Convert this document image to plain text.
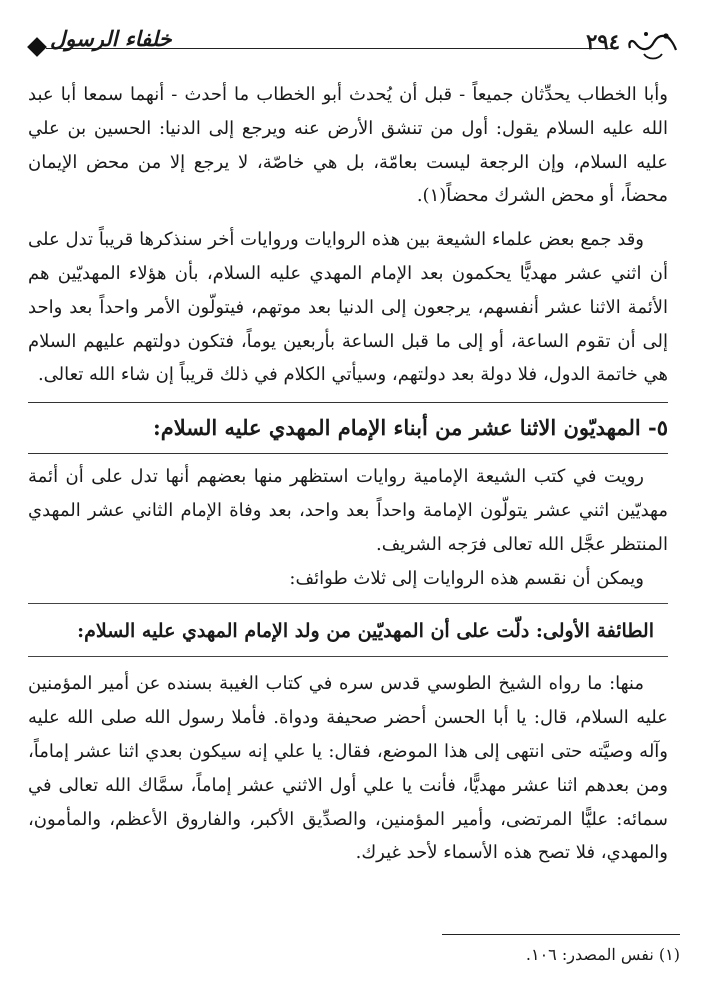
خلفاء الرسول	٢٩٤

وأبا الخطاب يحدِّثان جميعاً - قبل أن يُحدث أبو الخطاب ما أحدث - أنهما سمعا أبا عبد الله عليه السلام يقول: أول من تنشق الأرض عنه ويرجع إلى الدنيا: الحسين بن علي عليه السلام، وإن الرجعة ليست بعامّة، بل هي خاصّة، لا يرجع إلا من محض الإيمان محضاً، أو محض الشرك محضاً(١).

وقد جمع بعض علماء الشيعة بين هذه الروايات وروايات أخر سنذكرها قريباً تدل على أن اثني عشر مهديًّا يحكمون بعد الإمام المهدي عليه السلام، بأن هؤلاء المهديّين هم الأئمة الاثنا عشر أنفسهم، يرجعون إلى الدنيا بعد موتهم، فيتولّون الأمر واحداً بعد واحد إلى أن تقوم الساعة، أو إلى ما قبل الساعة بأربعين يوماً، فتكون دولتهم عليهم السلام هي خاتمة الدول، فلا دولة بعد دولتهم، وسيأتي الكلام في ذلك قريباً إن شاء الله تعالى.

٥- المهديّون الاثنا عشر من أبناء الإمام المهدي عليه السلام:

رويت في كتب الشيعة الإمامية روايات استظهر منها بعضهم أنها تدل على أن أئمة مهديّين اثني عشر يتولّون الإمامة واحداً بعد واحد، بعد وفاة الإمام الثاني عشر المهدي المنتظر عجَّل الله تعالى فرَجه الشريف.

ويمكن أن نقسم هذه الروايات إلى ثلاث طوائف:

الطائفة الأولى: دلّت على أن المهديّين من ولد الإمام المهدي عليه السلام:

منها: ما رواه الشيخ الطوسي قدس سره في كتاب الغيبة بسنده عن أمير المؤمنين عليه السلام، قال: يا أبا الحسن أحضر صحيفة ودواة. فأملا رسول الله صلى الله عليه وآله وصيَّته حتى انتهى إلى هذا الموضع، فقال: يا علي إنه سيكون بعدي اثنا عشر إماماً، ومن بعدهم اثنا عشر مهديًّا، فأنت يا علي أول الاثني عشر إماماً، سمَّاك الله تعالى في سمائه: عليًّا المرتضى، وأمير المؤمنين، والصدِّيق الأكبر، والفاروق الأعظم، والمأمون، والمهدي، فلا تصح هذه الأسماء لأحد غيرك.

(١) نفس المصدر: ١٠٦.
